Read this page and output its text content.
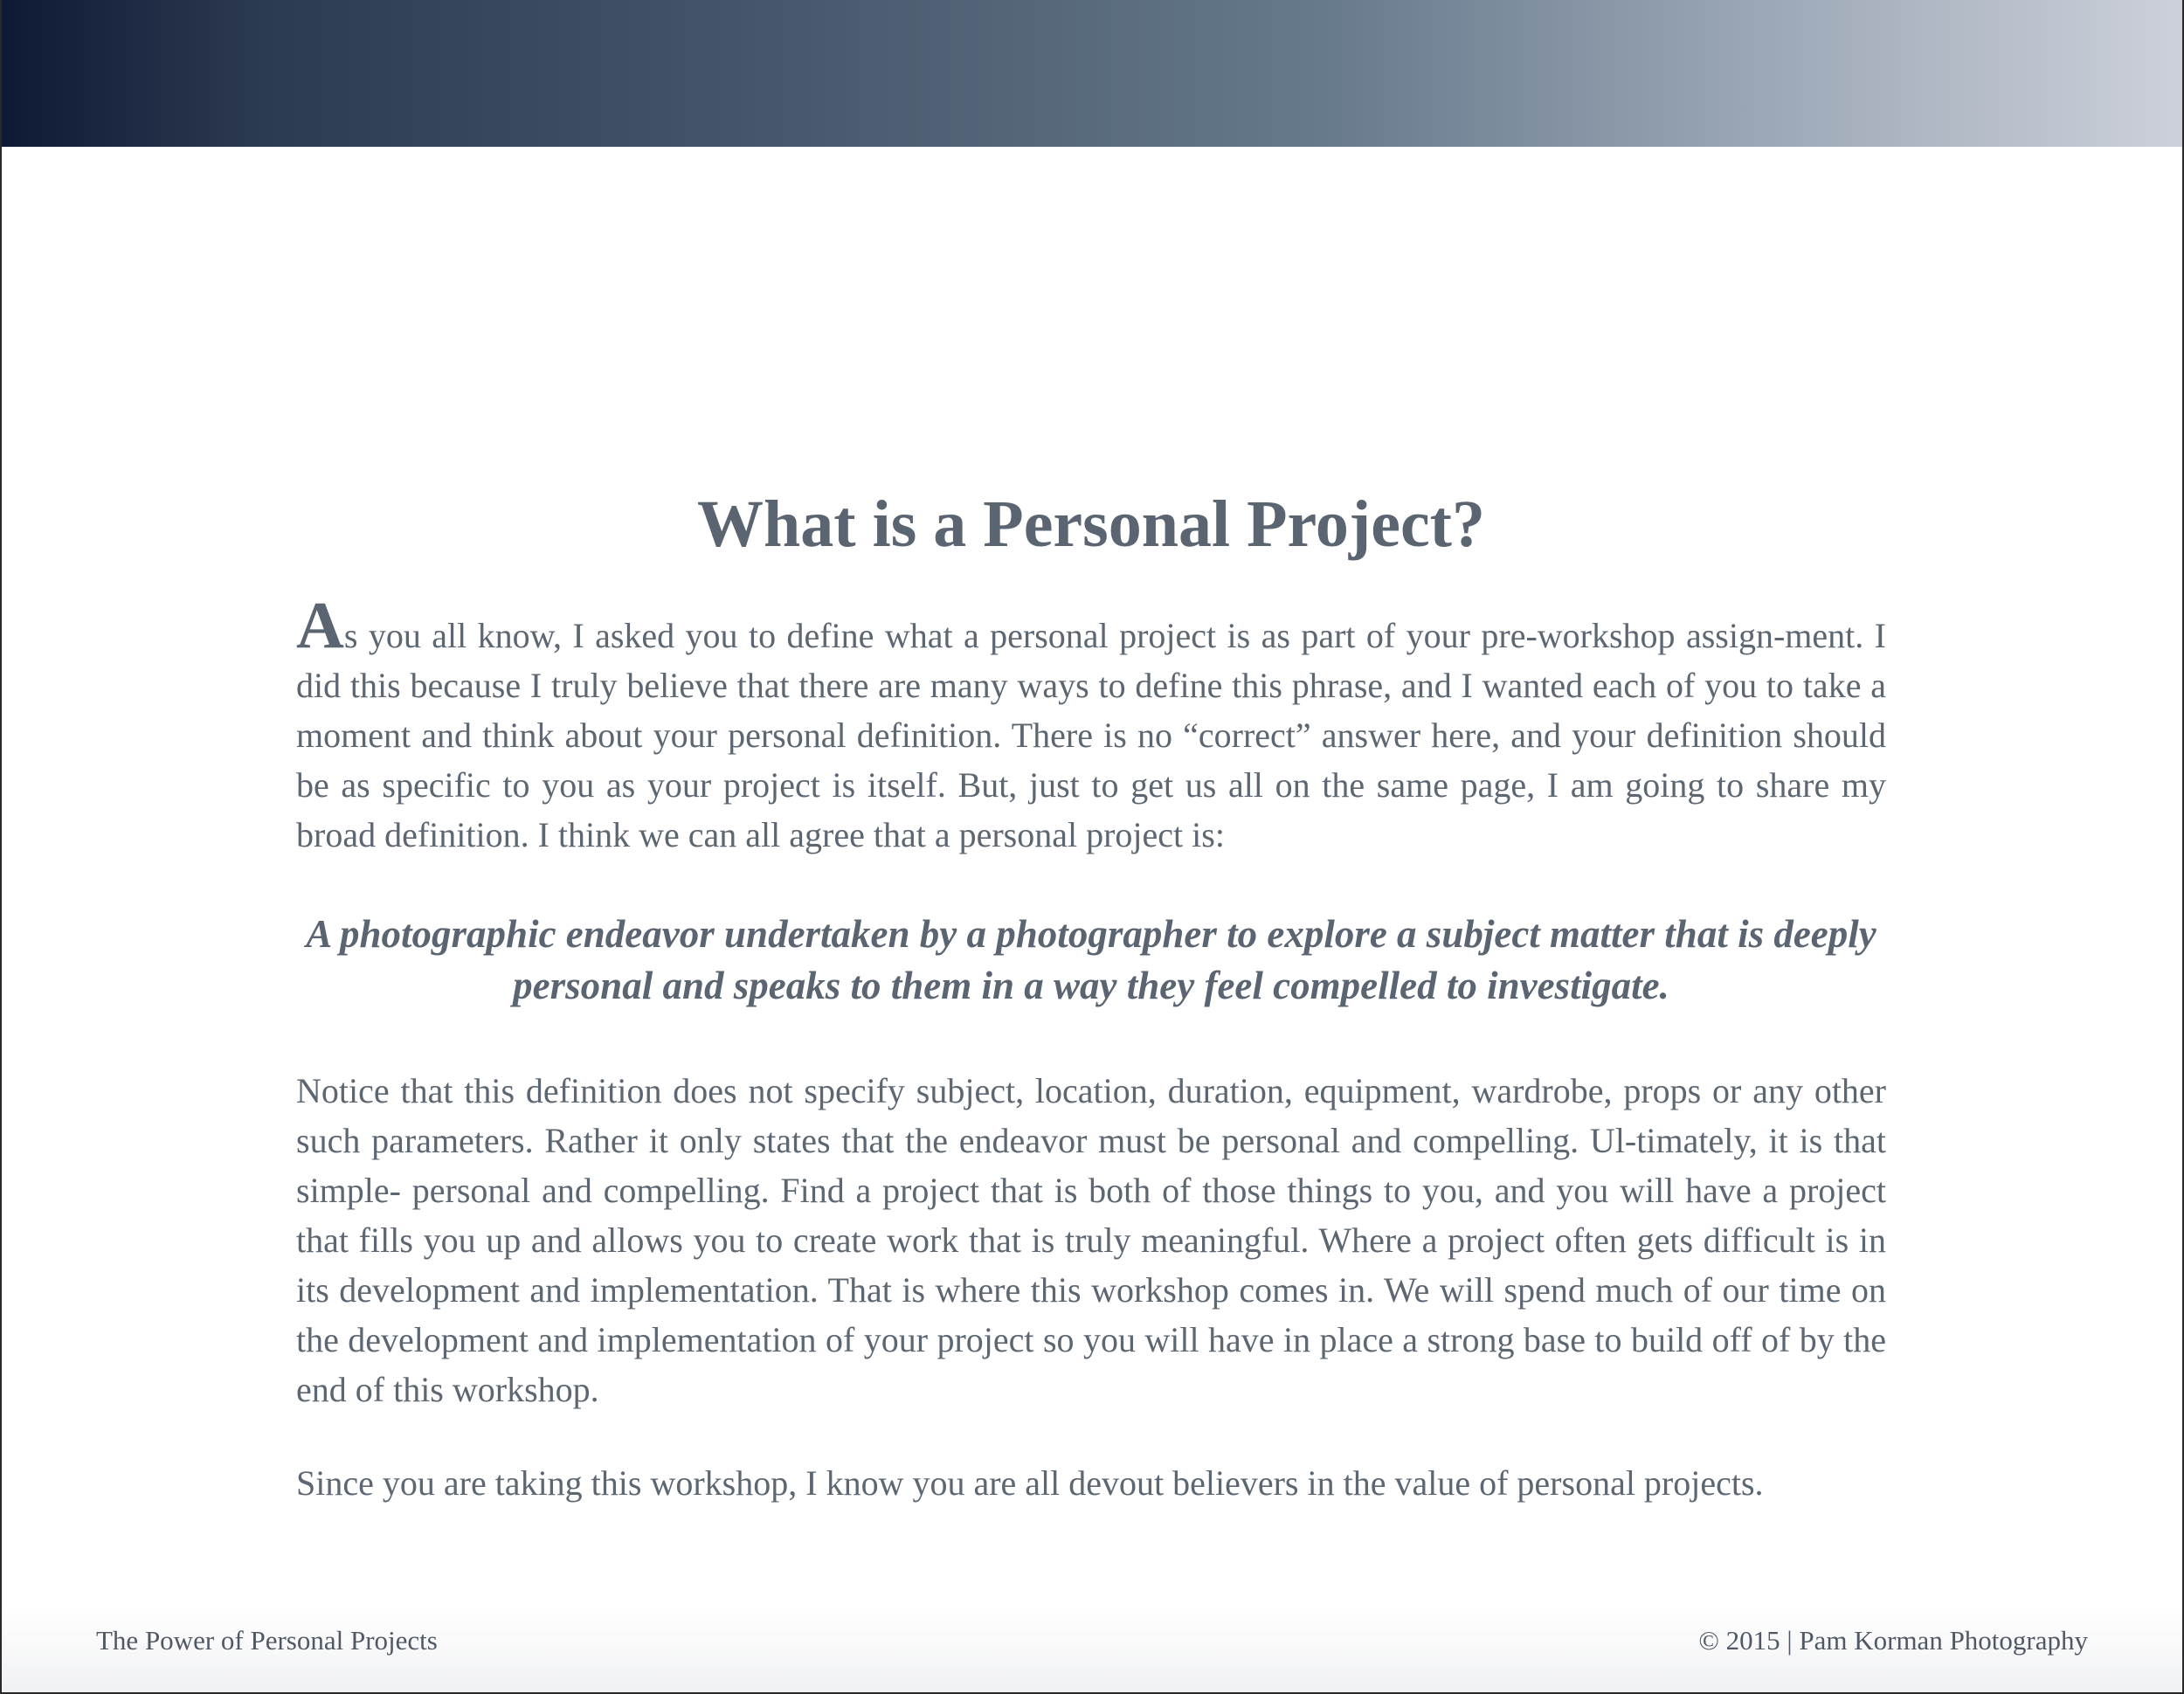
What is a Personal Project?

As you all know, I asked you to define what a personal project is as part of your pre-workshop assign-ment. I did this because I truly believe that there are many ways to define this phrase, and I wanted each of you to take a moment and think about your personal definition. There is no “correct” answer here, and your definition should be as specific to you as your project is itself. But, just to get us all on the same page, I am going to share my broad definition. I think we can all agree that a personal project is:

A photographic endeavor undertaken by a photographer to explore a subject matter that is deeply personal and speaks to them in a way they feel compelled to investigate.

Notice that this definition does not specify subject, location, duration, equipment, wardrobe, props or any other such parameters. Rather it only states that the endeavor must be personal and compelling. Ul-timately, it is that simple- personal and compelling. Find a project that is both of those things to you, and you will have a project that fills you up and allows you to create work that is truly meaningful. Where a project often gets difficult is in its development and implementation. That is where this workshop comes in. We will spend much of our time on the development and implementation of your project so you will have in place a strong base to build off of by the end of this workshop.

Since you are taking this workshop, I know you are all devout believers in the value of personal projects.

The Power of Personal Projects	© 2015 | Pam Korman Photography
